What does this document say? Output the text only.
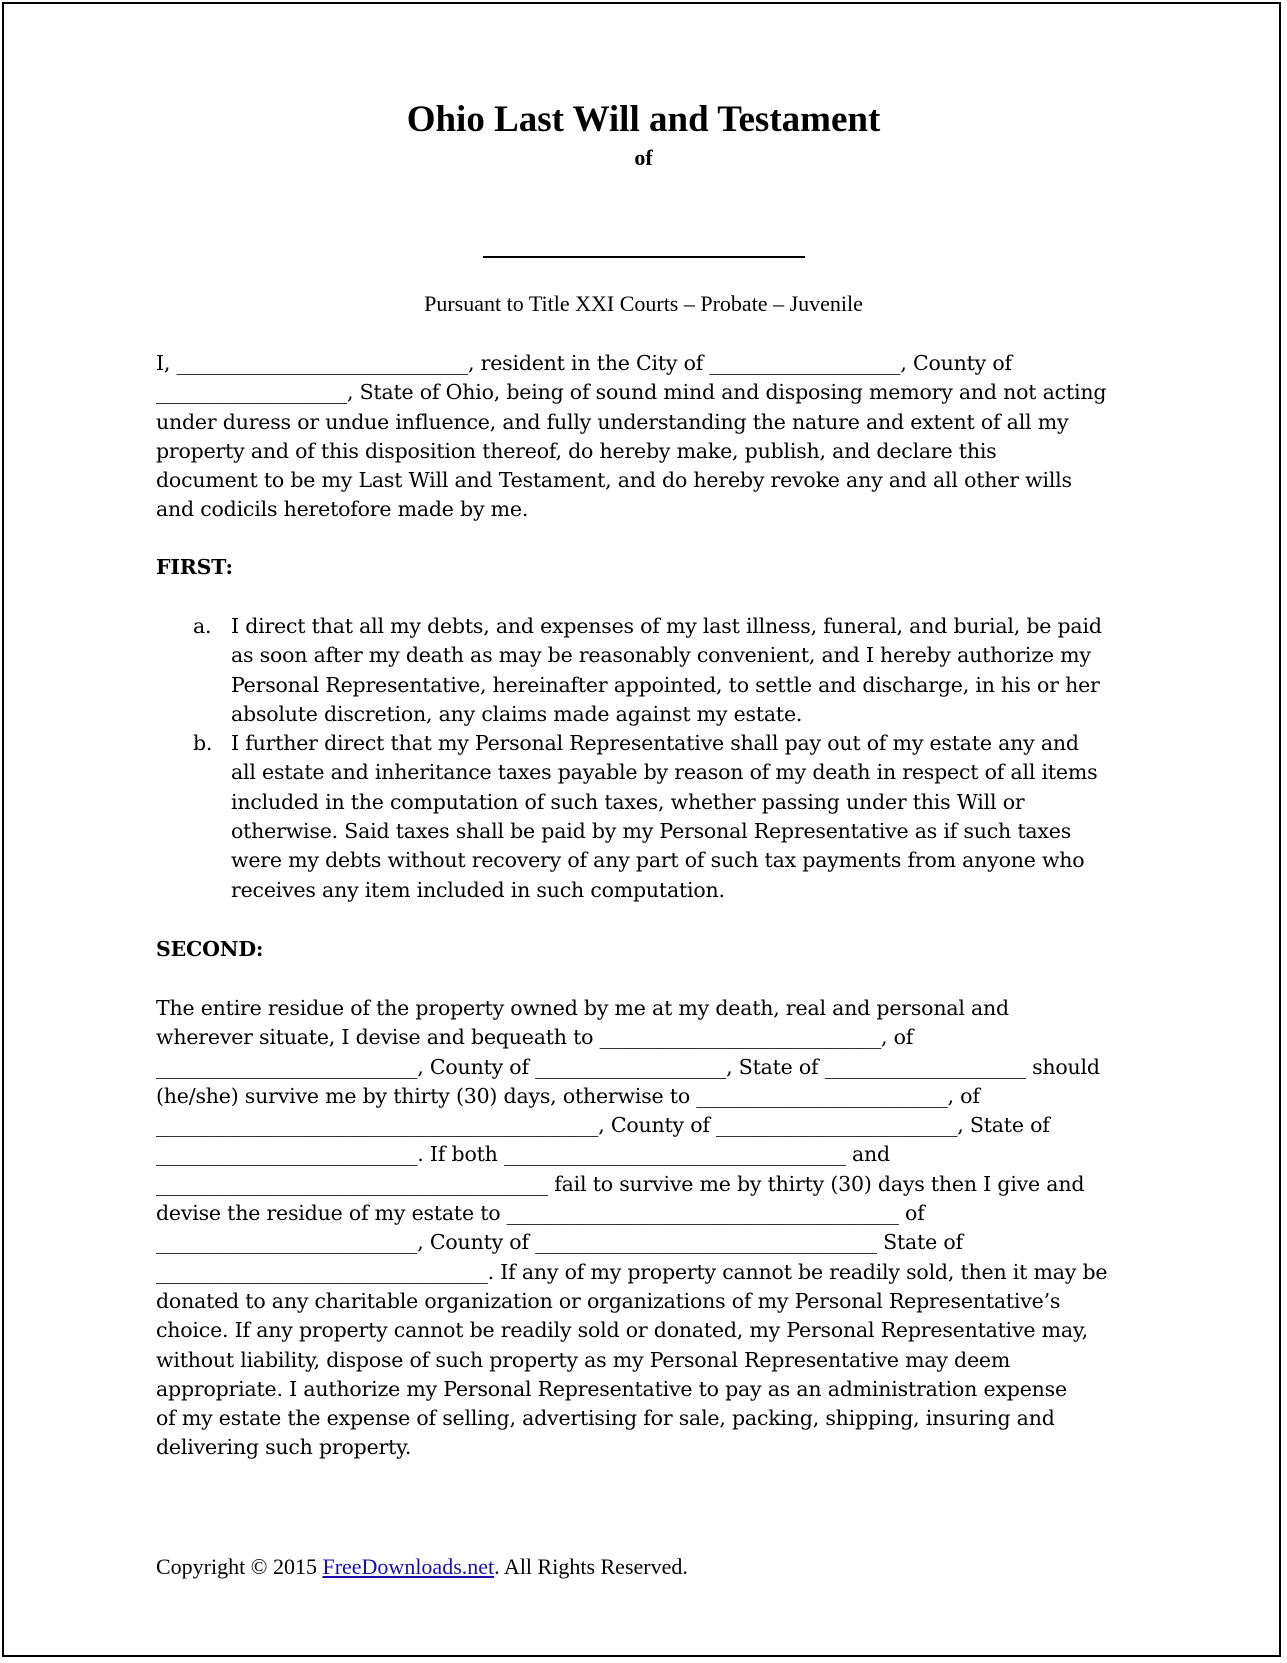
Ohio Last Will and Testament
of
Pursuant to Title XXI Courts – Probate – Juvenile
I, _____________________________, resident in the City of ___________________, County of
___________________, State of Ohio, being of sound mind and disposing memory and not acting
under duress or undue influence, and fully understanding the nature and extent of all my
property and of this disposition thereof, do hereby make, publish, and declare this
document to be my Last Will and Testament, and do hereby revoke any and all other wills
and codicils heretofore made by me.
FIRST:
a. I direct that all my debts, and expenses of my last illness, funeral, and burial, be paid
as soon after my death as may be reasonably convenient, and I hereby authorize my
Personal Representative, hereinafter appointed, to settle and discharge, in his or her
absolute discretion, any claims made against my estate.
b. I further direct that my Personal Representative shall pay out of my estate any and
all estate and inheritance taxes payable by reason of my death in respect of all items
included in the computation of such taxes, whether passing under this Will or
otherwise. Said taxes shall be paid by my Personal Representative as if such taxes
were my debts without recovery of any part of such tax payments from anyone who
receives any item included in such computation.
SECOND:
The entire residue of the property owned by me at my death, real and personal and
wherever situate, I devise and bequeath to ____________________________, of
__________________________, County of ___________________, State of ____________________ should
(he/she) survive me by thirty (30) days, otherwise to _________________________, of
____________________________________________, County of ________________________, State of
__________________________. If both __________________________________ and
_______________________________________ fail to survive me by thirty (30) days then I give and
devise the residue of my estate to _______________________________________ of
__________________________, County of __________________________________ State of
_________________________________. If any of my property cannot be readily sold, then it may be
donated to any charitable organization or organizations of my Personal Representative’s
choice. If any property cannot be readily sold or donated, my Personal Representative may,
without liability, dispose of such property as my Personal Representative may deem
appropriate. I authorize my Personal Representative to pay as an administration expense
of my estate the expense of selling, advertising for sale, packing, shipping, insuring and
delivering such property.
Copyright © 2015 FreeDownloads.net. All Rights Reserved.
